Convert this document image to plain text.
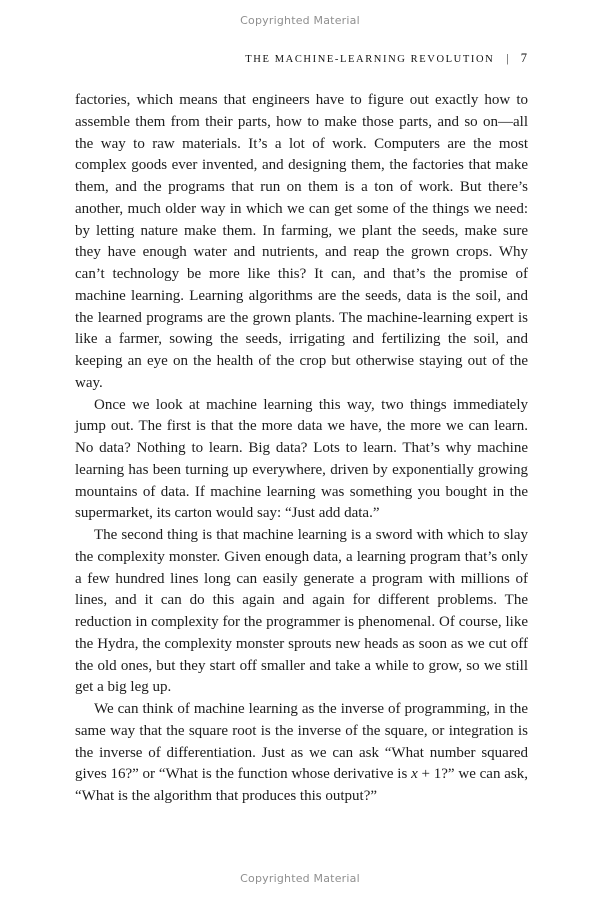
Copyrighted Material
THE MACHINE-LEARNING REVOLUTION | 7

factories, which means that engineers have to figure out exactly how to assemble them from their parts, how to make those parts, and so on—all the way to raw materials. It’s a lot of work. Computers are the most complex goods ever invented, and designing them, the factories that make them, and the programs that run on them is a ton of work. But there’s another, much older way in which we can get some of the things we need: by letting nature make them. In farming, we plant the seeds, make sure they have enough water and nutrients, and reap the grown crops. Why can’t technology be more like this? It can, and that’s the promise of machine learning. Learning algorithms are the seeds, data is the soil, and the learned programs are the grown plants. The machine-learning expert is like a farmer, sowing the seeds, irrigating and fertilizing the soil, and keeping an eye on the health of the crop but otherwise staying out of the way.

Once we look at machine learning this way, two things immediately jump out. The first is that the more data we have, the more we can learn. No data? Nothing to learn. Big data? Lots to learn. That’s why machine learning has been turning up everywhere, driven by exponentially growing mountains of data. If machine learning was something you bought in the supermarket, its carton would say: “Just add data.”

The second thing is that machine learning is a sword with which to slay the complexity monster. Given enough data, a learning program that’s only a few hundred lines long can easily generate a program with millions of lines, and it can do this again and again for different problems. The reduction in complexity for the programmer is phenomenal. Of course, like the Hydra, the complexity monster sprouts new heads as soon as we cut off the old ones, but they start off smaller and take a while to grow, so we still get a big leg up.

We can think of machine learning as the inverse of programming, in the same way that the square root is the inverse of the square, or integration is the inverse of differentiation. Just as we can ask “What number squared gives 16?” or “What is the function whose derivative is x + 1?” we can ask, “What is the algorithm that produces this output?”

Copyrighted Material
